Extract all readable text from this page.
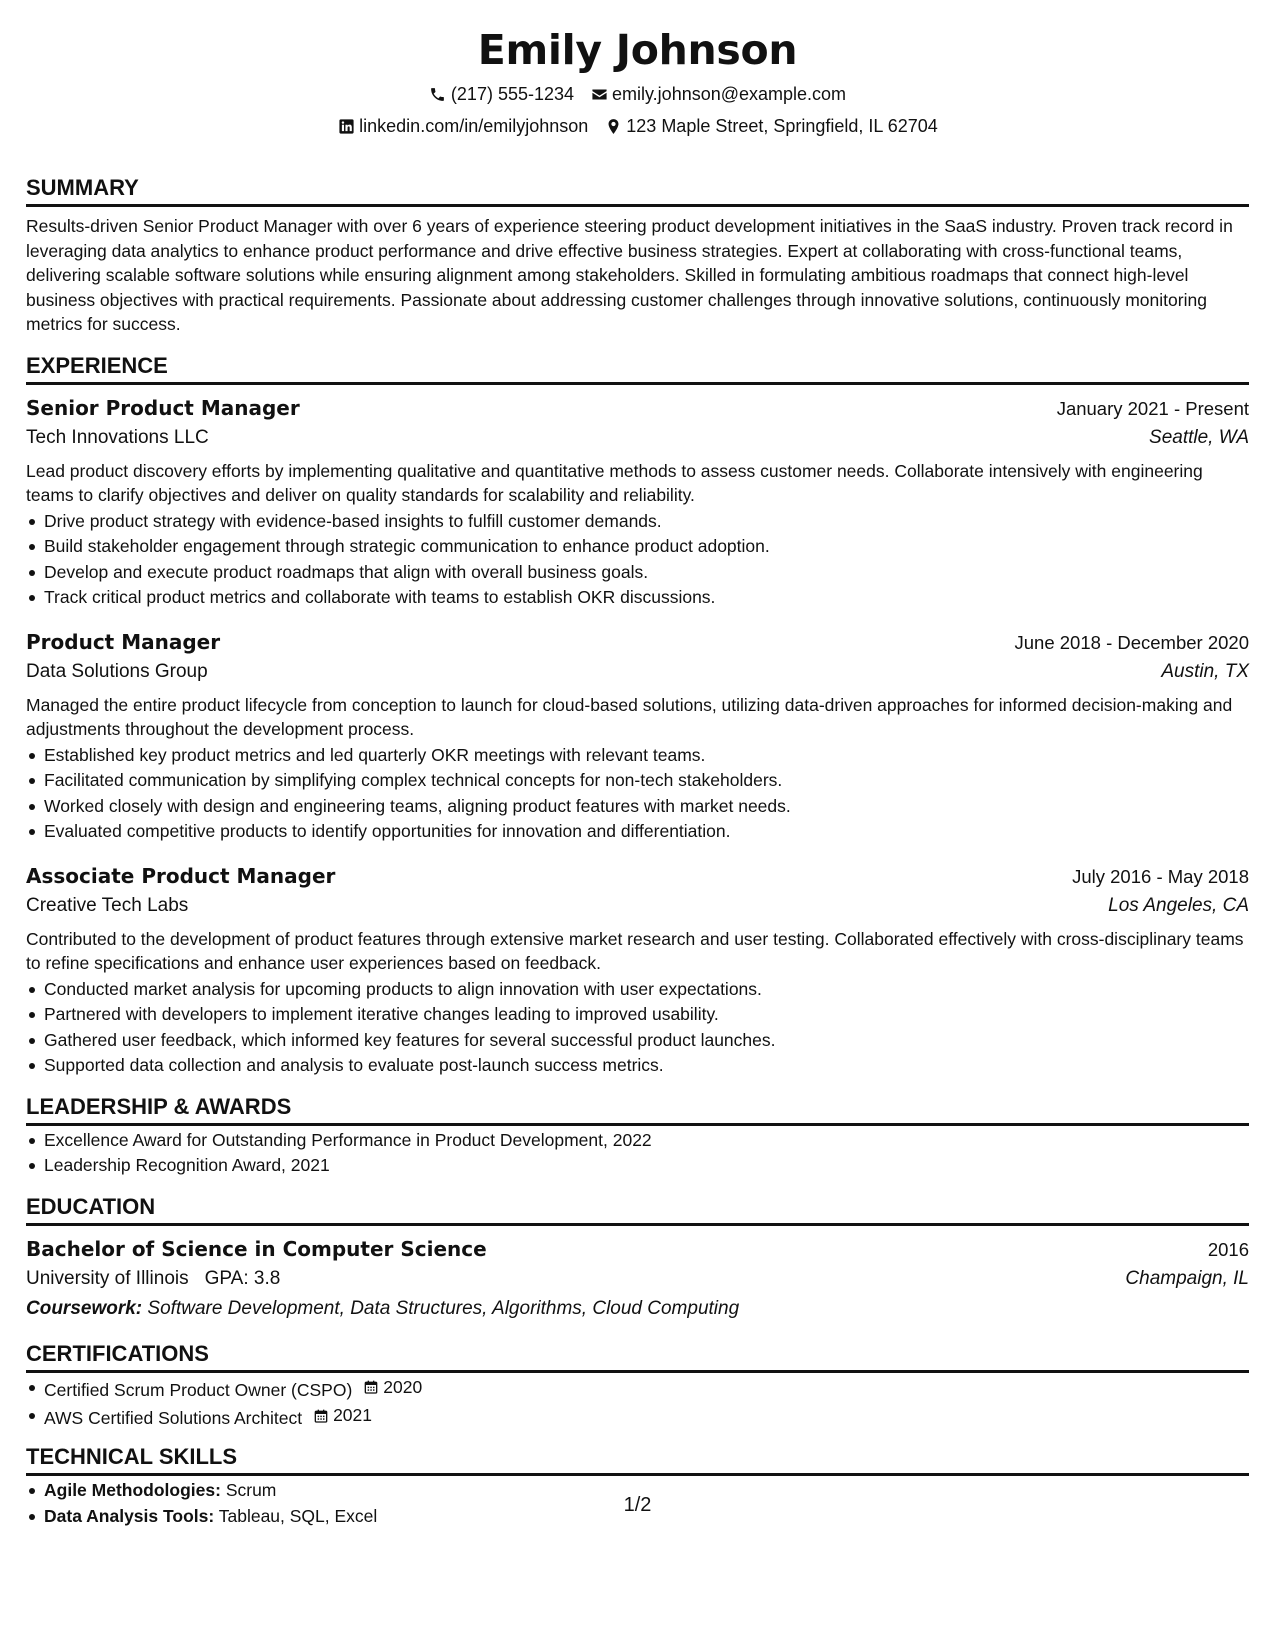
Emily Johnson
(217) 555-1234 emily.johnson@example.com
linkedin.com/in/emilyjohnson 123 Maple Street, Springfield, IL 62704
SUMMARY

Results-driven Senior Product Manager with over 6 years of experience steering product development initiatives in the SaaS industry. Proven track record in leveraging data analytics to enhance product performance and drive effective business strategies. Expert at collaborating with cross-functional teams, delivering scalable software solutions while ensuring alignment among stakeholders. Skilled in formulating ambitious roadmaps that connect high-level business objectives with practical requirements. Passionate about addressing customer challenges through innovative solutions, continuously monitoring metrics for success.

EXPERIENCE
Senior Product Manager	January 2021 - Present
Tech Innovations LLC	Seattle, WA

Lead product discovery efforts by implementing qualitative and quantitative methods to assess customer needs. Collaborate intensively with engineering teams to clarify objectives and deliver on quality standards for scalability and reliability.

Drive product strategy with evidence-based insights to fulfill customer demands.
Build stakeholder engagement through strategic communication to enhance product adoption.
Develop and execute product roadmaps that align with overall business goals.
Track critical product metrics and collaborate with teams to establish OKR discussions.
Product Manager	June 2018 - December 2020
Data Solutions Group	Austin, TX

Managed the entire product lifecycle from conception to launch for cloud-based solutions, utilizing data-driven approaches for informed decision-making and adjustments throughout the development process.

Established key product metrics and led quarterly OKR meetings with relevant teams.
Facilitated communication by simplifying complex technical concepts for non-tech stakeholders.
Worked closely with design and engineering teams, aligning product features with market needs.
Evaluated competitive products to identify opportunities for innovation and differentiation.
Associate Product Manager	July 2016 - May 2018
Creative Tech Labs	Los Angeles, CA

Contributed to the development of product features through extensive market research and user testing. Collaborated effectively with cross-disciplinary teams to refine specifications and enhance user experiences based on feedback.

Conducted market analysis for upcoming products to align innovation with user expectations.
Partnered with developers to implement iterative changes leading to improved usability.
Gathered user feedback, which informed key features for several successful product launches.
Supported data collection and analysis to evaluate post-launch success metrics.
LEADERSHIP & AWARDS
Excellence Award for Outstanding Performance in Product Development, 2022
Leadership Recognition Award, 2021
EDUCATION
Bachelor of Science in Computer Science	2016
University of Illinois GPA: 3.8	Champaign, IL
Coursework: Software Development, Data Structures, Algorithms, Cloud Computing
CERTIFICATIONS
Certified Scrum Product Owner (CSPO) 2020
AWS Certified Solutions Architect 2021
TECHNICAL SKILLS
Agile Methodologies: Scrum
Data Analysis Tools: Tableau, SQL, Excel	1/2
